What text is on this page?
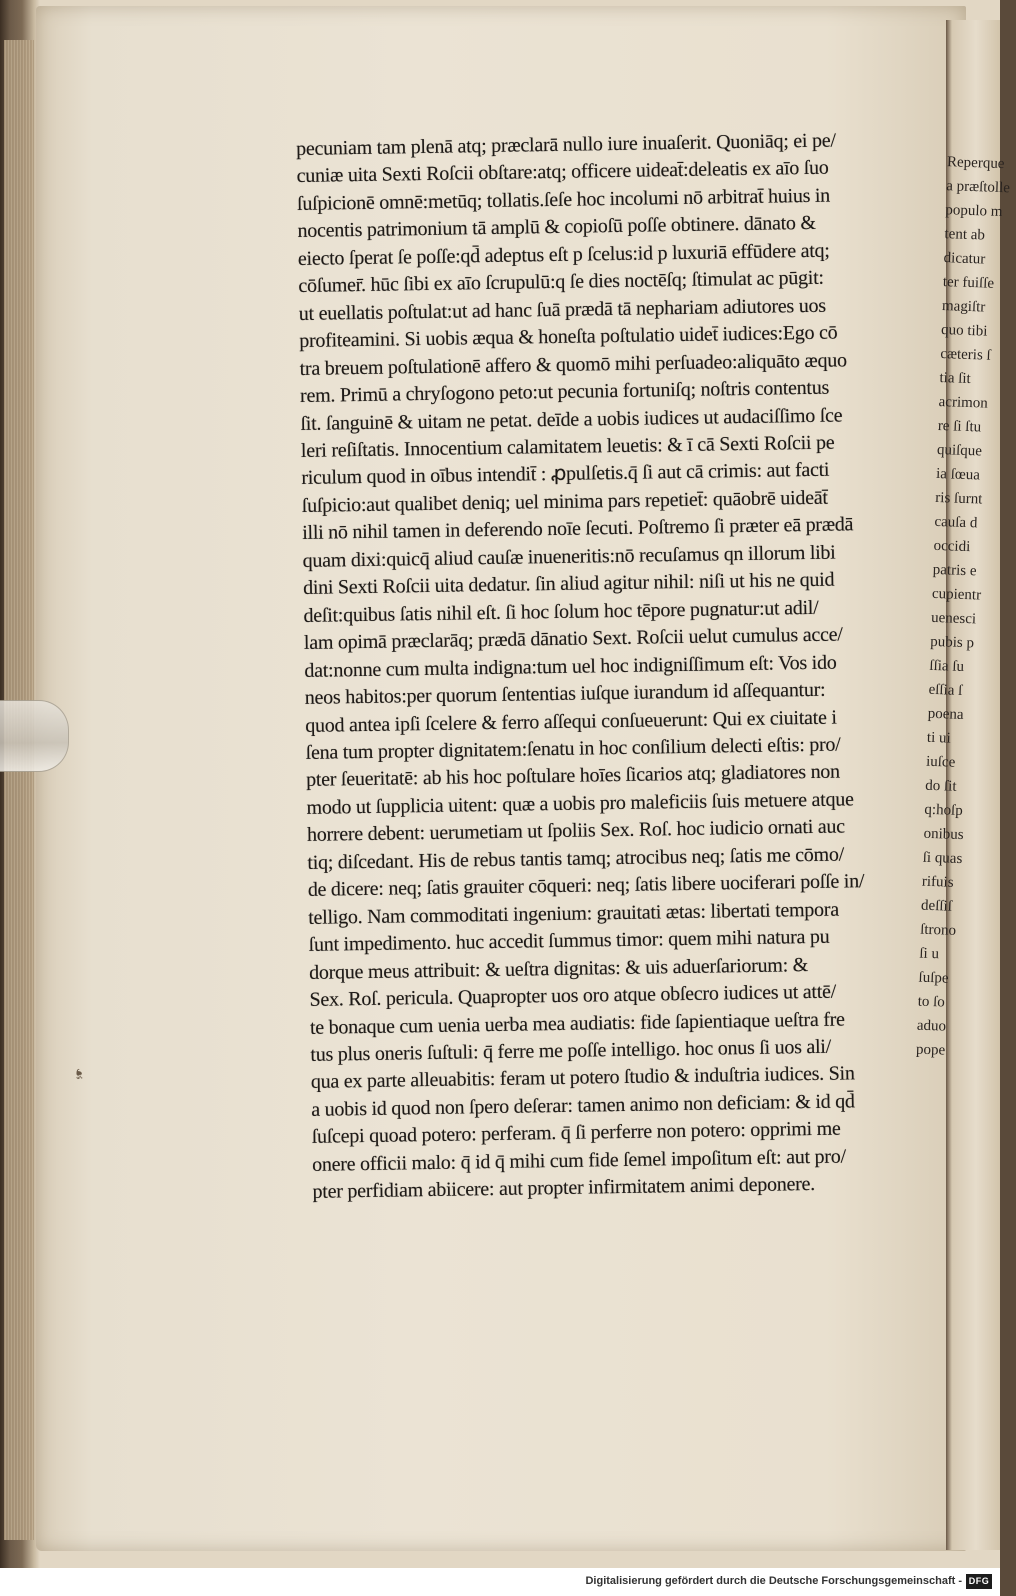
☙
Reperque
a præſtolle
populo m
tent ab
dicatur
ter fuiſſe
magiſtr
quo tibi
cæteris ſ
tia ſit
acrimon
re ſi ſtu
quiſque
ia ſœua
ris ſurnt
cauſa d
occidi
patris e
cupientr
uenesci
pubis p
ſſia ſu
eſſia ſ
poena
ti ui
iuſce
do ſit
q:hoſp
onibus
ſi quas
rifuis
deſſiſ
ſtrono
ſi u
ſuſpe
to ſo
aduo
pope
pecuniam tam plenā atq; præclarā nullo iure inuaſerit. Quoniāq; ei pe/
cuniæ uita Sexti Roſcii obſtare:atq; officere uideat̄:deleatis ex aīo ſuo
ſuſpicionē omnē:metūq; tollatis.ſeſe hoc incolumi nō arbitrat̄ huius in
nocentis patrimonium tā amplū & copioſū poſſe obtinere. dānato &
eiecto ſperat ſe poſſe:qd̄ adeptus eſt p ſcelus:id p luxuriā effūdere atq;
cōſumer̄. hūc ſibi ex aīo ſcrupulū:q ſe dies noctēſq; ſtimulat ac pūgit:
ut euellatis poſtulat:ut ad hanc ſuā prædā tā nephariam adiutores uos
profiteamini. Si uobis æqua & honeſta poſtulatio uidet̄ iudices:Ego cō
tra breuem poſtulationē affero & quomō mihi perſuadeo:aliquāto æquo
rem. Primū a chryſogono peto:ut pecunia fortuniſq; noſtris contentus
ſit. ſanguinē & uitam ne petat. deīde a uobis iudices ut audaciſſimo ſce
leri reſiſtatis. Innocentium calamitatem leuetis: & ī cā Sexti Roſcii pe
riculum quod in oībus intendit̄ : ꝓpulſetis.q̄ ſi aut cā crimis: aut facti
ſuſpicio:aut qualibet deniq; uel minima pars repetiet̄: quāobrē uideāt̄
illi nō nihil tamen in deferendo noīe ſecuti. Poſtremo ſi præter eā prædā
quam dixi:quicq̄ aliud cauſæ inueneritis:nō recuſamus qn illorum libi
dini Sexti Roſcii uita dedatur. ſin aliud agitur nihil: niſi ut his ne quid
deſit:quibus ſatis nihil eſt. ſi hoc ſolum hoc tēpore pugnatur:ut adil/
lam opimā præclarāq; prædā dānatio Sext. Roſcii uelut cumulus acce/
dat:nonne cum multa indigna:tum uel hoc indigniſſimum eſt: Vos ido
neos habitos:per quorum ſententias iuſque iurandum id aſſequantur:
quod antea ipſi ſcelere & ferro aſſequi conſueuerunt: Qui ex ciuitate i
ſena tum propter dignitatem:ſenatu in hoc conſilium delecti eſtis: pro/
pter ſeueritatē: ab his hoc poſtulare hoīes ſicarios atq; gladiatores non
modo ut ſupplicia uitent: quæ a uobis pro maleficiis ſuis metuere atque
horrere debent: uerumetiam ut ſpoliis Sex. Roſ. hoc iudicio ornati auc
tiq; diſcedant. His de rebus tantis tamq; atrocibus neq; ſatis me cōmo/
de dicere: neq; ſatis grauiter cōqueri: neq; ſatis libere uociferari poſſe in/
telligo. Nam commoditati ingenium: grauitati ætas: libertati tempora
ſunt impedimento. huc accedit ſummus timor: quem mihi natura pu
dorque meus attribuit: & ueſtra dignitas: & uis aduerſariorum: &
Sex. Roſ. pericula. Quapropter uos oro atque obſecro iudices ut attē/
te bonaque cum uenia uerba mea audiatis: fide ſapientiaque ueſtra fre
tus plus oneris ſuſtuli: q̄ ferre me poſſe intelligo. hoc onus ſi uos ali/
qua ex parte alleuabitis: feram ut potero ſtudio & induſtria iudices. Sin
a uobis id quod non ſpero deſerar: tamen animo non deficiam: & id qd̄
ſuſcepi quoad potero: perferam. q̄ ſi perferre non potero: opprimi me
onere officii malo: q̄ id q̄ mihi cum fide ſemel impoſitum eſt: aut pro/
pter perfidiam abiicere: aut propter infirmitatem animi deponere.
Digitalisierung gefördert durch die Deutsche Forschungsgemeinschaft - DFG
